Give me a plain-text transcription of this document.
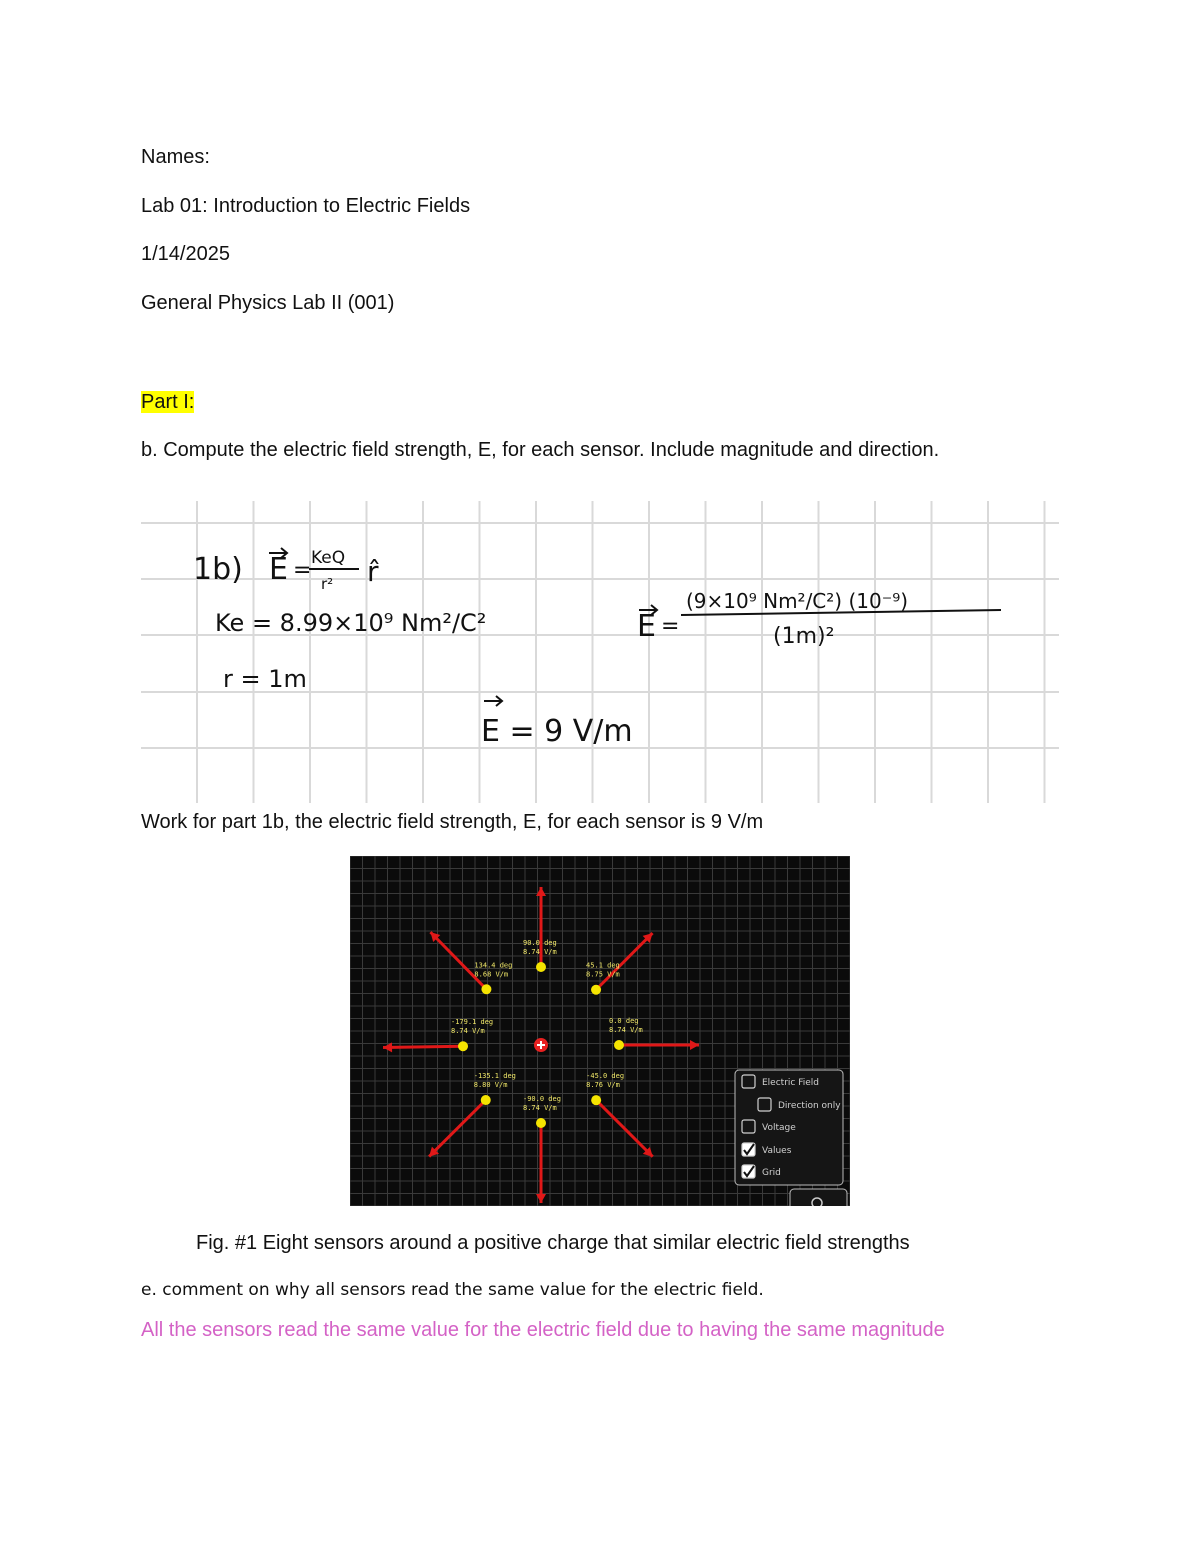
Names:
Lab 01: Introduction to Electric Fields
1/14/2025
General Physics Lab II (001)
Part I:
b. Compute the electric field strength, E, for each sensor. Include magnitude and direction.
1b) E = KeQ
r² r̂
Ke = 8.99×10⁹ Nm²/C²
r = 1m
E =
(9×10⁹ Nm²/C²) (10⁻⁹)
(1m)²
E = 9 V/m
Work for part 1b, the electric field strength, E, for each sensor is 9 V/m
90.0 deg
8.74 V/m
45.1 deg
8.75 V/m
0.0 deg
8.74 V/m
-45.0 deg
8.76 V/m
-90.0 deg
8.74 V/m
-135.1 deg
8.80 V/m
-179.1 deg
8.74 V/m
134.4 deg
8.68 V/m
Electric Field
Direction only
Voltage
Values
Grid
Fig. #1 Eight sensors around a positive charge that similar electric field strengths
e. comment on why all sensors read the same value for the electric field.
All the sensors read the same value for the electric field due to having the same magnitude
